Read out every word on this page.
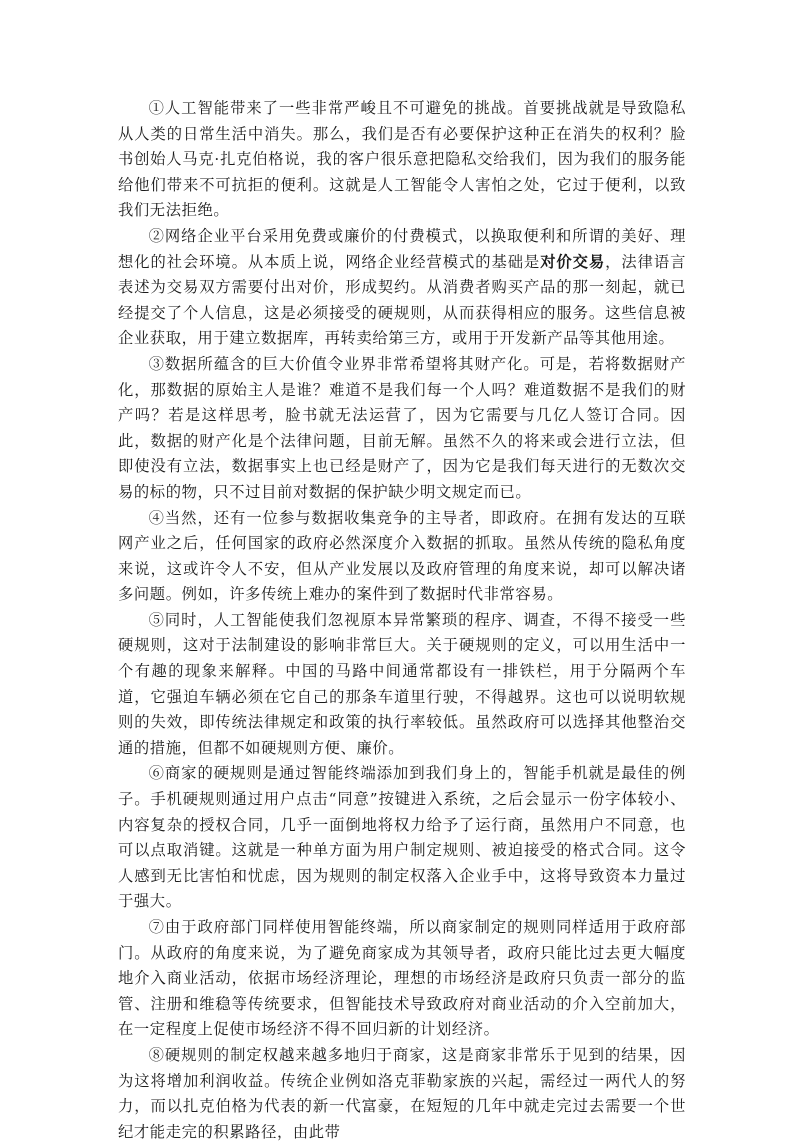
①人工智能带来了一些非常严峻且不可避免的挑战。首要挑战就是导致隐私从人类的日常生活中消失。那么，我们是否有必要保护这种正在消失的权利？脸书创始人马克·扎克伯格说，我的客户很乐意把隐私交给我们，因为我们的服务能给他们带来不可抗拒的便利。这就是人工智能令人害怕之处，它过于便利，以致我们无法拒绝。

②网络企业平台采用免费或廉价的付费模式，以换取便利和所谓的美好、理想化的社会环境。从本质上说，网络企业经营模式的基础是对价交易，法律语言表述为交易双方需要付出对价，形成契约。从消费者购买产品的那一刻起，就已经提交了个人信息，这是必须接受的硬规则，从而获得相应的服务。这些信息被企业获取，用于建立数据库，再转卖给第三方，或用于开发新产品等其他用途。

③数据所蕴含的巨大价值令业界非常希望将其财产化。可是，若将数据财产化，那数据的原始主人是谁？难道不是我们每一个人吗？难道数据不是我们的财产吗？若是这样思考，脸书就无法运营了，因为它需要与几亿人签订合同。因此，数据的财产化是个法律问题，目前无解。虽然不久的将来或会进行立法，但即使没有立法，数据事实上也已经是财产了，因为它是我们每天进行的无数次交易的标的物，只不过目前对数据的保护缺少明文规定而已。

④当然，还有一位参与数据收集竞争的主导者，即政府。在拥有发达的互联网产业之后，任何国家的政府必然深度介入数据的抓取。虽然从传统的隐私角度来说，这或许令人不安，但从产业发展以及政府管理的角度来说，却可以解决诸多问题。例如，许多传统上难办的案件到了数据时代非常容易。

⑤同时，人工智能使我们忽视原本异常繁琐的程序、调查，不得不接受一些硬规则，这对于法制建设的影响非常巨大。关于硬规则的定义，可以用生活中一个有趣的现象来解释。中国的马路中间通常都设有一排铁栏，用于分隔两个车道，它强迫车辆必须在它自己的那条车道里行驶，不得越界。这也可以说明软规则的失效，即传统法律规定和政策的执行率较低。虽然政府可以选择其他整治交通的措施，但都不如硬规则方便、廉价。

⑥商家的硬规则是通过智能终端添加到我们身上的，智能手机就是最佳的例子。手机硬规则通过用户点击“同意”按键进入系统，之后会显示一份字体较小、内容复杂的授权合同，几乎一面倒地将权力给予了运行商，虽然用户不同意，也可以点取消键。这就是一种单方面为用户制定规则、被迫接受的格式合同。这令人感到无比害怕和忧虑，因为规则的制定权落入企业手中，这将导致资本力量过于强大。

⑦由于政府部门同样使用智能终端，所以商家制定的规则同样适用于政府部门。从政府的角度来说，为了避免商家成为其领导者，政府只能比过去更大幅度地介入商业活动，依据市场经济理论，理想的市场经济是政府只负责一部分的监管、注册和维稳等传统要求，但智能技术导致政府对商业活动的介入空前加大，在一定程度上促使市场经济不得不回归新的计划经济。

⑧硬规则的制定权越来越多地归于商家，这是商家非常乐于见到的结果，因为这将增加利润收益。传统企业例如洛克菲勒家族的兴起，需经过一两代人的努力，而以扎克伯格为代表的新一代富豪，在短短的几年中就走完过去需要一个世纪才能走完的积累路径，由此带
